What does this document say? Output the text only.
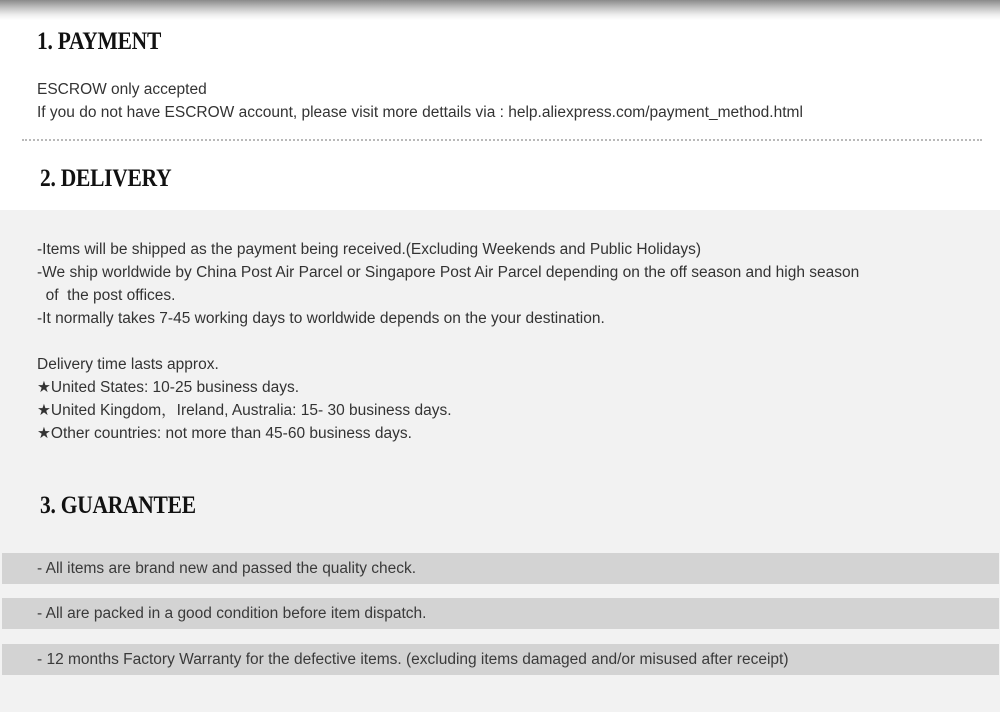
1. PAYMENT
ESCROW only accepted
If you do not have ESCROW account, please visit more dettails via : help.aliexpress.com/payment_method.html
2. DELIVERY
-Items will be shipped as the payment being received.(Excluding Weekends and Public Holidays)
-We ship worldwide by China Post Air Parcel or Singapore Post Air Parcel depending on the off season and high season
of  the post offices.
-It normally takes 7-45 working days to worldwide depends on the your destination.
Delivery time lasts approx.
★United States: 10-25 business days.
★United Kingdom，Ireland, Australia: 15- 30 business days.
★Other countries: not more than 45-60 business days.
3. GUARANTEE
- All items are brand new and passed the quality check.
- All are packed in a good condition before item dispatch.
- 12 months Factory Warranty for the defective items. (excluding items damaged and/or misused after receipt)
